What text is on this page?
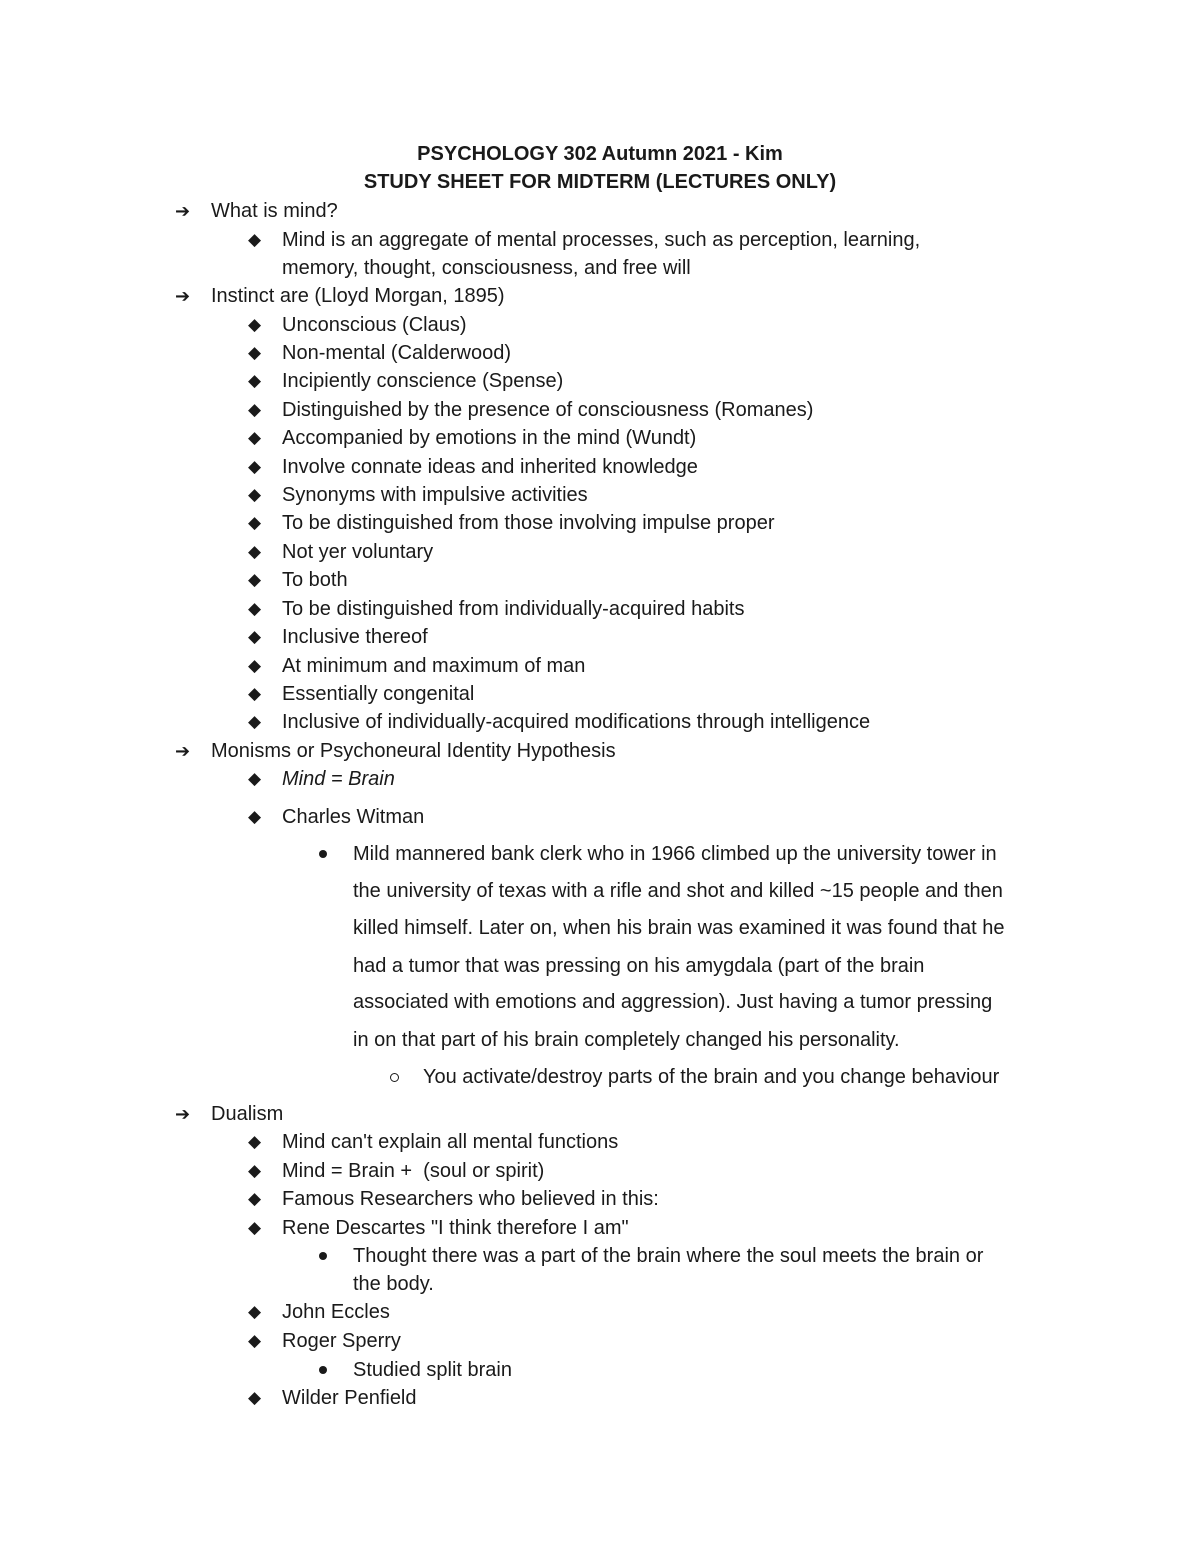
PSYCHOLOGY 302 Autumn 2021 - Kim
STUDY SHEET FOR MIDTERM (LECTURES ONLY)
➔ What is mind?
◆ Mind is an aggregate of mental processes, such as perception, learning,
memory, thought, consciousness, and free will
➔ Instinct are (Lloyd Morgan, 1895)
◆ Unconscious (Claus)
◆ Non-mental (Calderwood)
◆ Incipiently conscience (Spense)
◆ Distinguished by the presence of consciousness (Romanes)
◆ Accompanied by emotions in the mind (Wundt)
◆ Involve connate ideas and inherited knowledge
◆ Synonyms with impulsive activities
◆ To be distinguished from those involving impulse proper
◆ Not yer voluntary
◆ To both
◆ To be distinguished from individually-acquired habits
◆ Inclusive thereof
◆ At minimum and maximum of man
◆ Essentially congenital
◆ Inclusive of individually-acquired modifications through intelligence
➔ Monisms or Psychoneural Identity Hypothesis
◆ Mind = Brain
◆ Charles Witman
Mild mannered bank clerk who in 1966 climbed up the university tower in
the university of texas with a rifle and shot and killed ~15 people and then
killed himself. Later on, when his brain was examined it was found that he
had a tumor that was pressing on his amygdala (part of the brain
associated with emotions and aggression). Just having a tumor pressing
in on that part of his brain completely changed his personality.
You activate/destroy parts of the brain and you change behaviour
➔ Dualism
◆ Mind can't explain all mental functions
◆ Mind = Brain +  (soul or spirit)
◆ Famous Researchers who believed in this:
◆ Rene Descartes "I think therefore I am"
Thought there was a part of the brain where the soul meets the brain or
the body.
◆ John Eccles
◆ Roger Sperry
Studied split brain
◆ Wilder Penfield
